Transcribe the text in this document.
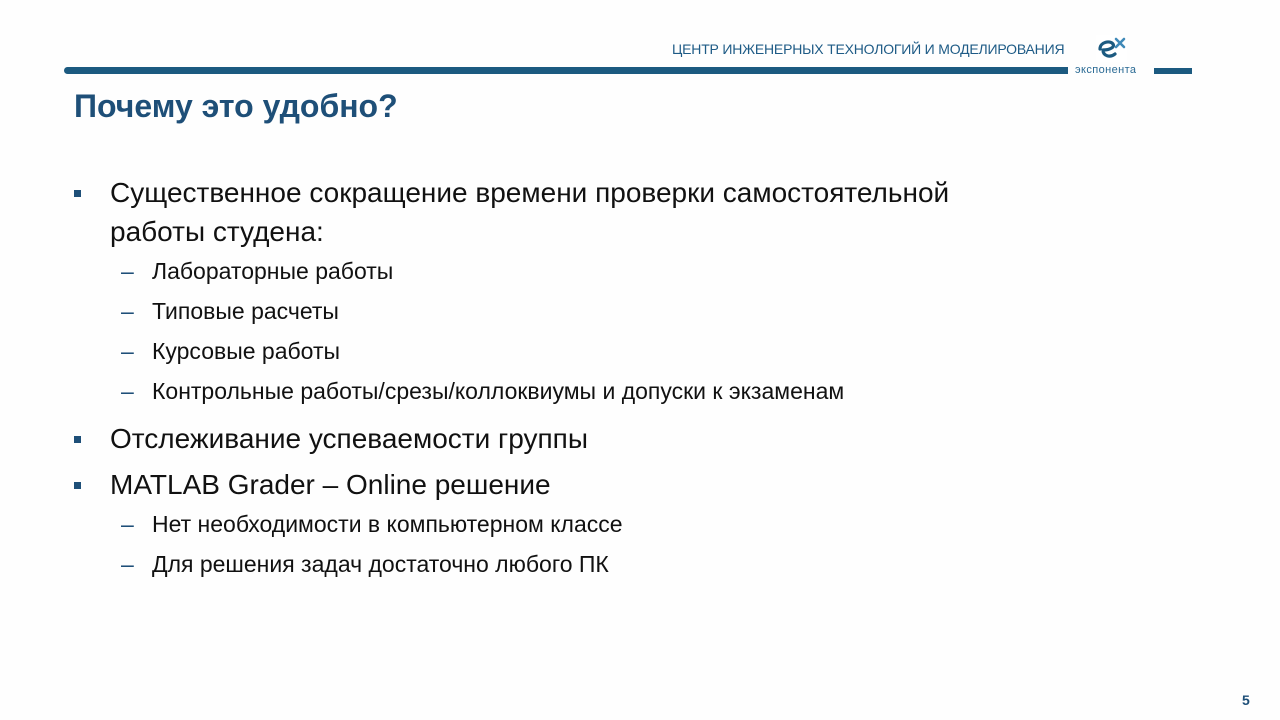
ЦЕНТР ИНЖЕНЕРНЫХ ТЕХНОЛОГИЙ И МОДЕЛИРОВАНИЯ
экспонента
Почему это удобно?
Существенное сокращение времени проверки самостоятельной
работы студена:
– Лабораторные работы
– Типовые расчеты
– Курсовые работы
– Контрольные работы/срезы/коллоквиумы и допуски к экзаменам
Отслеживание успеваемости группы
MATLAB Grader – Online решение
– Нет необходимости в компьютерном классе
– Для решения задач достаточно любого ПК
5
